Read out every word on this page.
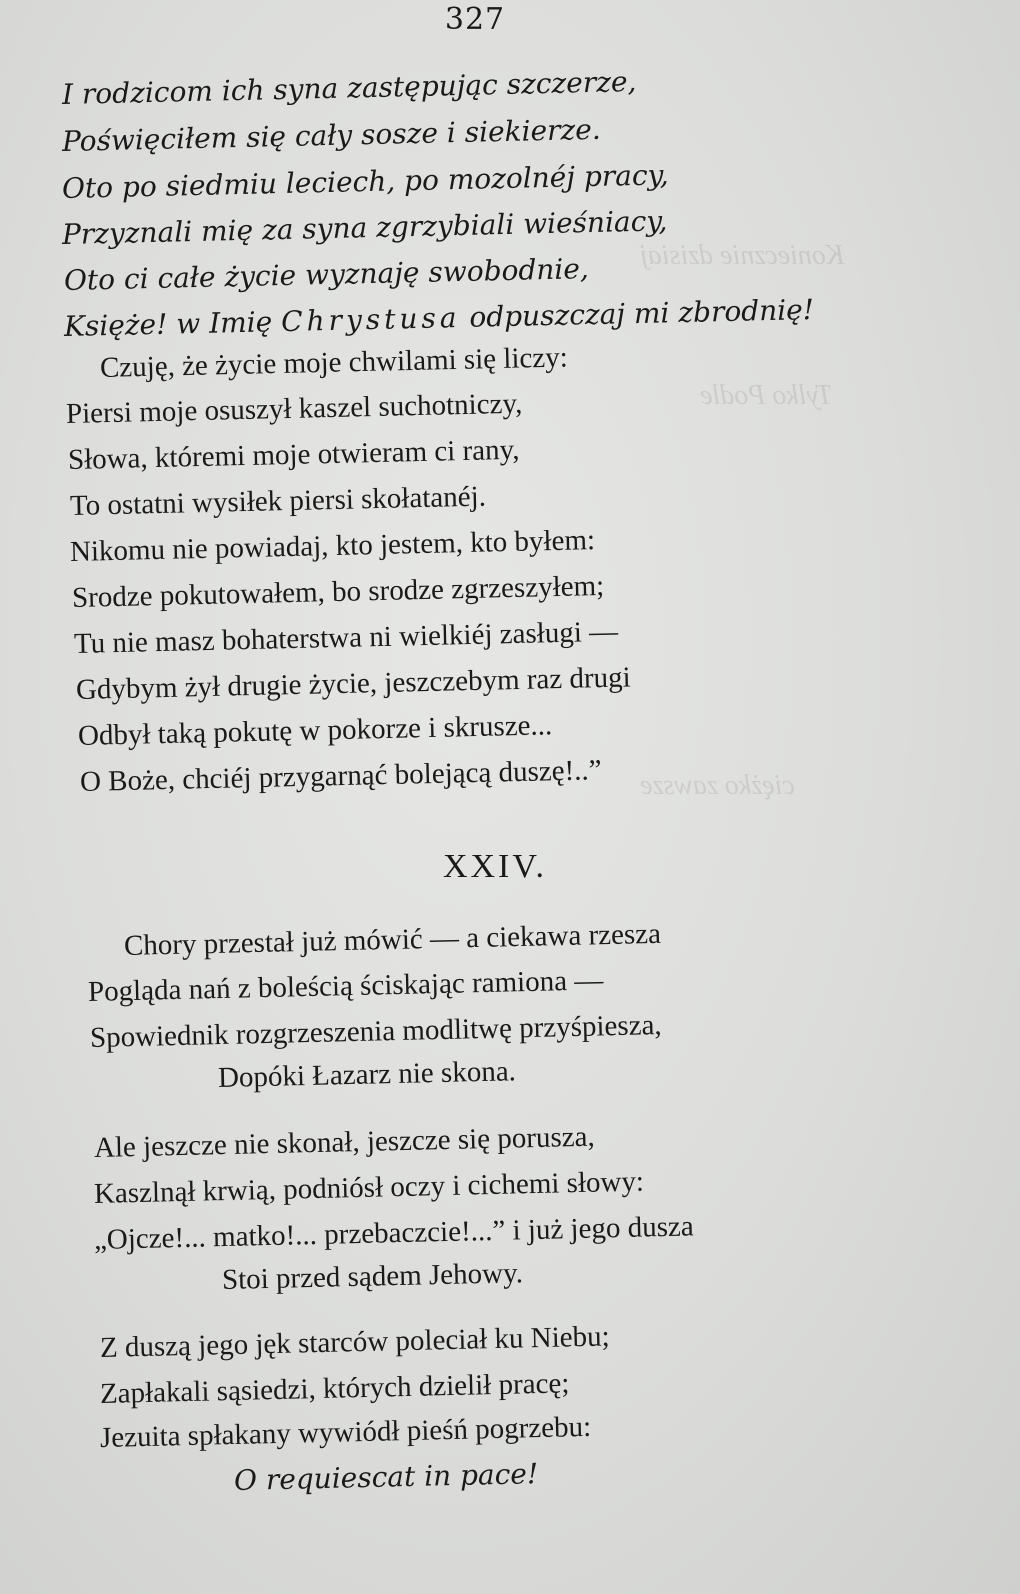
Koniecznie dzisiaj
Tylko Podle
ciężko zawsze
327
I rodzicom ich syna zastępując szczerze,
Poświęciłem się cały sosze i siekierze.
Oto po siedmiu leciech, po mozolnéj pracy,
Przyznali mię za syna zgrzybiali wieśniacy,
Oto ci całe życie wyznaję swobodnie,
Księże! w Imię Chrystusa odpuszczaj mi zbrodnię!
Czuję, że życie moje chwilami się liczy:
Piersi moje osuszył kaszel suchotniczy,
Słowa, któremi moje otwieram ci rany,
To ostatni wysiłek piersi skołatanéj.
Nikomu nie powiadaj, kto jestem, kto byłem:
Srodze pokutowałem, bo srodze zgrzeszyłem;
Tu nie masz bohaterstwa ni wielkiéj zasługi —
Gdybym żył drugie życie, jeszczebym raz drugi
Odbył taką pokutę w pokorze i skrusze...
O Boże, chciéj przygarnąć bolejącą duszę!..”
XXIV.
Chory przestał już mówić — a ciekawa rzesza
Pogląda nań z boleścią ściskając ramiona —
Spowiednik rozgrzeszenia modlitwę przyśpiesza,
Dopóki Łazarz nie skona.
Ale jeszcze nie skonał, jeszcze się porusza,
Kaszlnął krwią, podniósł oczy i cichemi słowy:
„Ojcze!... matko!... przebaczcie!...” i już jego dusza
Stoi przed sądem Jehowy.
Z duszą jego jęk starców poleciał ku Niebu;
Zapłakali sąsiedzi, których dzielił pracę;
Jezuita spłakany wywiódł pieśń pogrzebu:
O requiescat in pace!
